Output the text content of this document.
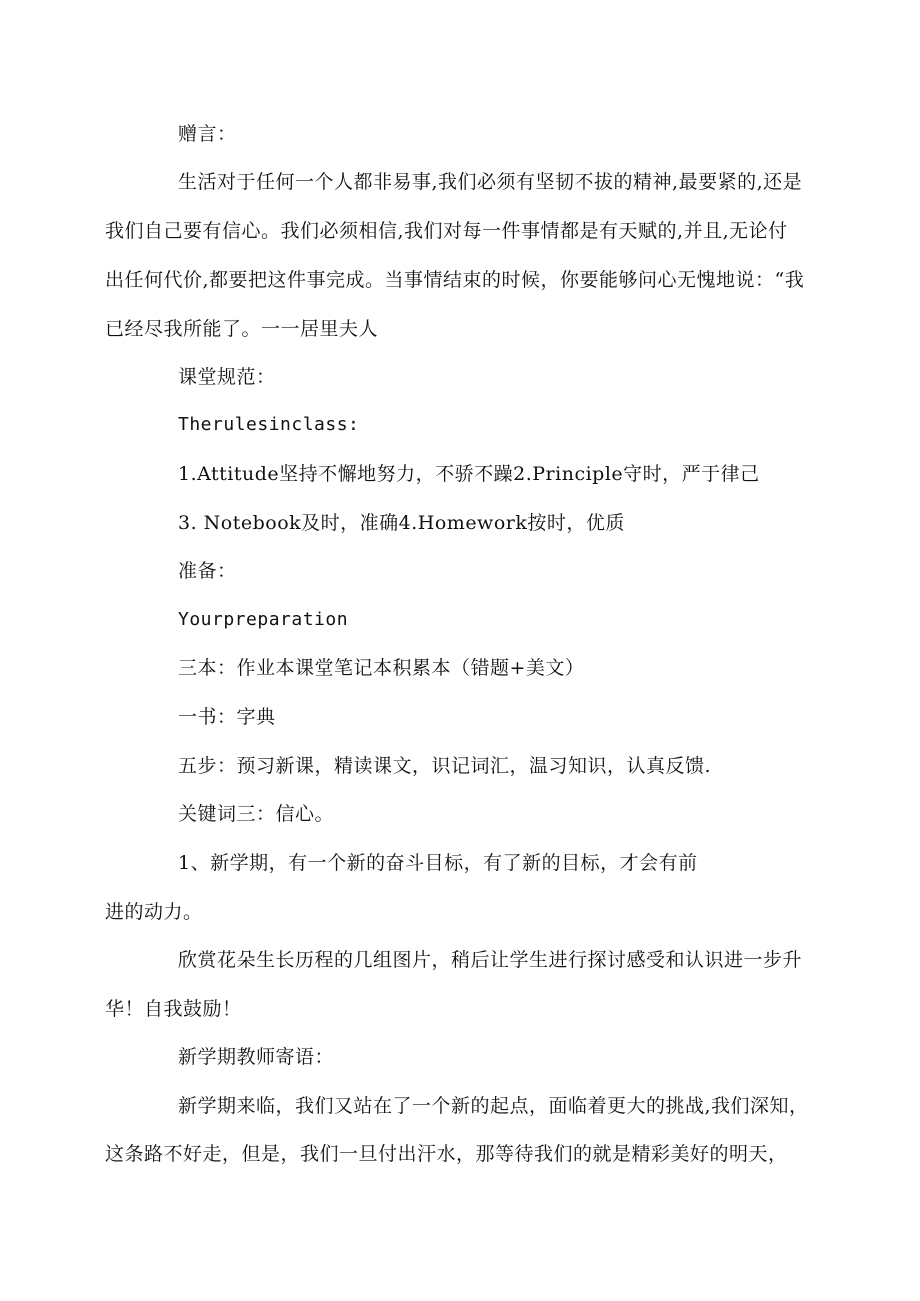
赠言：
生活对于任何一个人都非易事,我们必须有坚韧不拔的精神,最要紧的,还是
我们自己要有信心。我们必须相信,我们对每一件事情都是有天赋的,并且,无论付
出任何代价,都要把这件事完成。当事情结束的时候，你要能够问心无愧地说：“我
已经尽我所能了。一一居里夫人
课堂规范：
Therulesinclass:
1.Attitude坚持不懈地努力，不骄不躁2.Principle守时，严于律己
3. Notebook及时，准确4.Homework按时，优质
准备：
Yourpreparation
三本：作业本课堂笔记本积累本（错题+美文）
一书：字典
五步：预习新课，精读课文，识记词汇，温习知识，认真反馈.
关键词三：信心。
1、新学期，有一个新的奋斗目标，有了新的目标，才会有前
进的动力。
欣赏花朵生长历程的几组图片，稍后让学生进行探讨感受和认识进一步升
华！自我鼓励！
新学期教师寄语：
新学期来临，我们又站在了一个新的起点，面临着更大的挑战,我们深知，
这条路不好走，但是，我们一旦付出汗水，那等待我们的就是精彩美好的明天，
